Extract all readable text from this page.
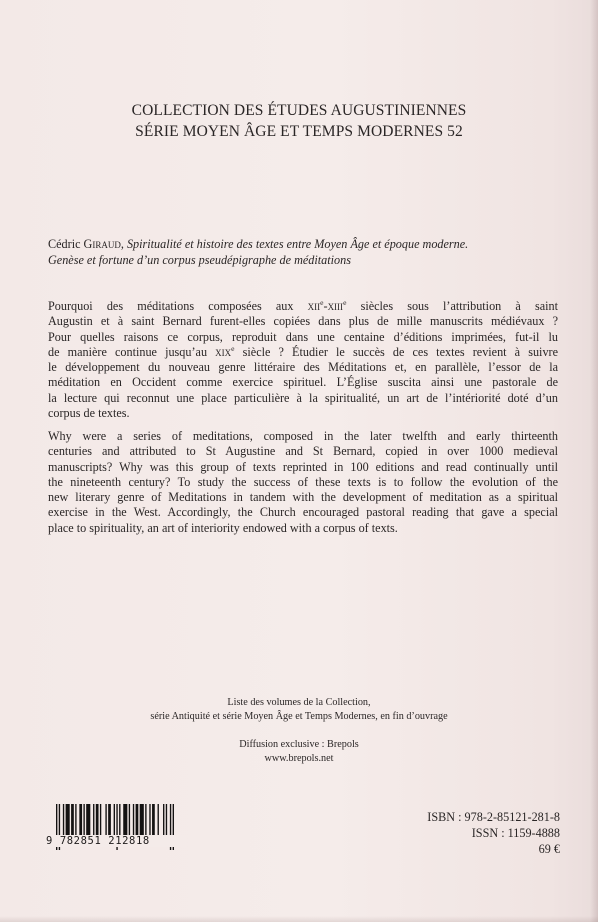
COLLECTION DES ÉTUDES AUGUSTINIENNES
SÉRIE MOYEN ÂGE ET TEMPS MODERNES 52
Cédric Giraud, Spiritualité et histoire des textes entre Moyen Âge et époque moderne.
Genèse et fortune d’un corpus pseudépigraphe de méditations
Pourquoi des méditations composées aux xii$^e$-xiii$^e$ siècles sous l’attribution à saint
Augustin et à saint Bernard furent-elles copiées dans plus de mille manuscrits médiévaux ?
Pour quelles raisons ce corpus, reproduit dans une centaine d’éditions imprimées, fut-il lu
de manière continue jusqu’au xix$^e$ siècle ? Étudier le succès de ces textes revient à suivre
le développement du nouveau genre littéraire des Méditations et, en parallèle, l’essor de la
méditation en Occident comme exercice spirituel. L’Église suscita ainsi une pastorale de
la lecture qui reconnut une place particulière à la spiritualité, un art de l’intériorité doté d’un
corpus de textes.
Why were a series of meditations, composed in the later twelfth and early thirteenth
centuries and attributed to St Augustine and St Bernard, copied in over 1000 medieval
manuscripts? Why was this group of texts reprinted in 100 editions and read continually until
the nineteenth century? To study the success of these texts is to follow the evolution of the
new literary genre of Meditations in tandem with the development of meditation as a spiritual
exercise in the West. Accordingly, the Church encouraged pastoral reading that gave a special
place to spirituality, an art of interiority endowed with a corpus of texts.
Liste des volumes de la Collection,
série Antiquité et série Moyen Âge et Temps Modernes, en fin d’ouvrage
Diffusion exclusive : Brepols
www.brepols.net
9 782851 212818
ISBN : 978-2-85121-281-8
ISSN : 1159-4888
69 €
